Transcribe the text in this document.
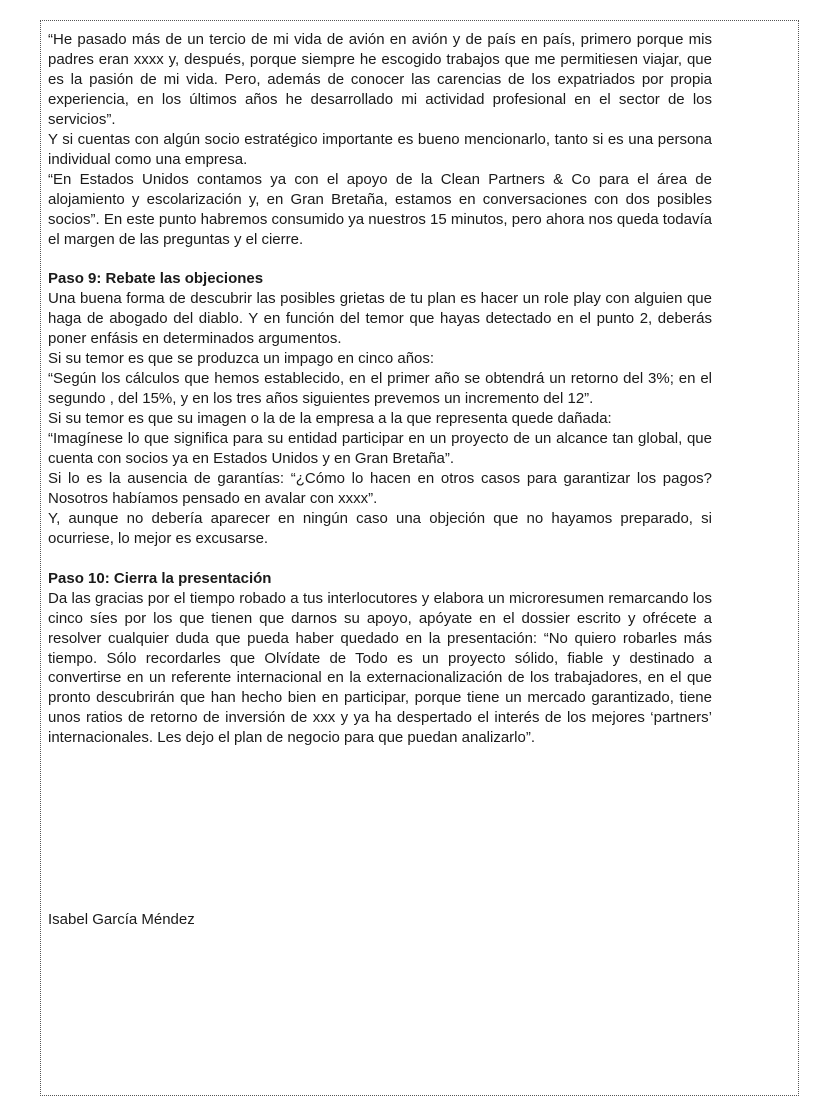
“He pasado más de un tercio de mi vida de avión en avión y de país en país, primero porque mis padres eran xxxx y, después, porque siempre he escogido trabajos que me permitiesen viajar, que es la pasión de mi vida. Pero, además de conocer las carencias de los expatriados por propia experiencia, en los últimos años he desarrollado mi actividad profesional en el sector de los servicios”.

Y si cuentas con algún socio estratégico importante es bueno mencionarlo, tanto si es una persona individual como una empresa.

“En Estados Unidos contamos ya con el apoyo de la Clean Partners & Co para el área de alojamiento y escolarización y, en Gran Bretaña, estamos en conversaciones con dos posibles socios”. En este punto habremos consumido ya nuestros 15 minutos, pero ahora nos queda todavía el margen de las preguntas y el cierre.

Paso 9: Rebate las objeciones

Una buena forma de descubrir las posibles grietas de tu plan es hacer un role play con alguien que haga de abogado del diablo. Y en función del temor que hayas detectado en el punto 2, deberás poner enfásis en determinados argumentos.

Si su temor es que se produzca un impago en cinco años:

“Según los cálculos que hemos establecido, en el primer año se obtendrá un retorno del 3%; en el segundo , del 15%, y en los tres años siguientes prevemos un incremento del 12”.

Si su temor es que su imagen o la de la empresa a la que representa quede dañada:

“Imagínese lo que significa para su entidad participar en un proyecto de un alcance tan global, que cuenta con socios ya en Estados Unidos y en Gran Bretaña”.

Si lo es la ausencia de garantías: “¿Cómo lo hacen en otros casos para garantizar los pagos? Nosotros habíamos pensado en avalar con xxxx”.

Y, aunque no debería aparecer en ningún caso una objeción que no hayamos preparado, si ocurriese, lo mejor es excusarse.

Paso 10: Cierra la presentación

Da las gracias por el tiempo robado a tus interlocutores y elabora un microresumen remarcando los cinco síes por los que tienen que darnos su apoyo, apóyate en el dossier escrito y ofrécete a resolver cualquier duda que pueda haber quedado en la presentación: “No quiero robarles más tiempo. Sólo recordarles que Olvídate de Todo es un proyecto sólido, fiable y destinado a convertirse en un referente internacional en la externacionalización de los trabajadores, en el que pronto descubrirán que han hecho bien en participar, porque tiene un mercado garantizado, tiene unos ratios de retorno de inversión de xxx y ya ha despertado el interés de los mejores ‘partners’ internacionales. Les dejo el plan de negocio para que puedan analizarlo”.

Isabel García Méndez
